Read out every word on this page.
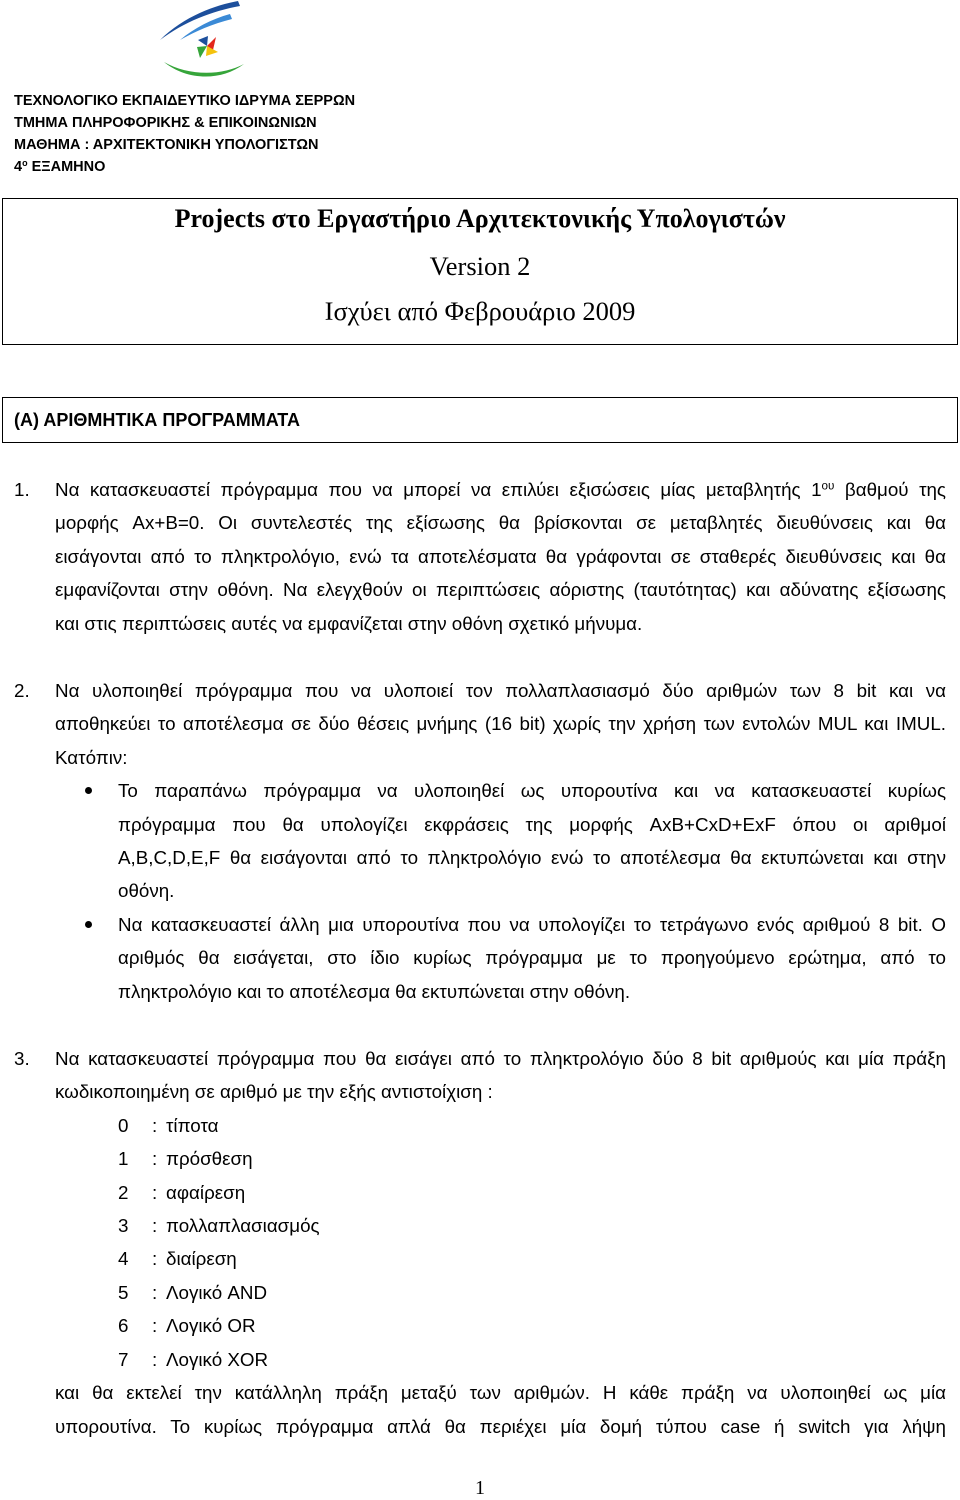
ΤΕΧΝΟΛΟΓΙΚΟ ΕΚΠΑΙΔΕΥΤΙΚΟ ΙΔΡΥΜΑ ΣΕΡΡΩΝ
ΤΜΗΜΑ ΠΛΗΡΟΦΟΡΙΚΗΣ & ΕΠΙΚΟΙΝΩΝΙΩΝ
ΜΑΘΗΜΑ : ΑΡΧΙΤΕΚΤΟΝΙΚΗ ΥΠΟΛΟΓΙΣΤΩΝ
$4^o$ ΕΞΑΜΗΝΟ
Projects στο Εργαστήριο Αρχιτεκτονικής Υπολογιστών
Version 2
Ισχύει από Φεβρουάριο 2009
(Α) ΑΡΙΘΜΗΤΙΚΑ ΠΡΟΓΡΑΜΜΑΤΑ
1. Να κατασκευαστεί πρόγραμμα που να μπορεί να επιλύει εξισώσεις μίας μεταβλητής $1^{o\upsilon}$ βαθμού της
μορφής Ax+B=0. Οι συντελεστές της εξίσωσης θα βρίσκονται σε μεταβλητές διευθύνσεις και θα
εισάγονται από το πληκτρολόγιο, ενώ τα αποτελέσματα θα γράφονται σε σταθερές διευθύνσεις και θα
εμφανίζονται στην οθόνη. Να ελεγχθούν οι περιπτώσεις αόριστης (ταυτότητας) και αδύνατης εξίσωσης
και στις περιπτώσεις αυτές να εμφανίζεται στην οθόνη σχετικό μήνυμα.
2. Να υλοποιηθεί πρόγραμμα που να υλοποιεί τον πολλαπλασιασμό δύο αριθμών των 8 bit και να
αποθηκεύει το αποτέλεσμα σε δύο θέσεις μνήμης (16 bit) χωρίς την χρήση των εντολών MUL και IMUL.
Κατόπιν:
Το παραπάνω πρόγραμμα να υλοποιηθεί ως υπορουτίνα και να κατασκευαστεί κυρίως
πρόγραμμα που θα υπολογίζει εκφράσεις της μορφής AxB+CxD+ExF όπου οι αριθμοί
A,B,C,D,E,F θα εισάγονται από το πληκτρολόγιο ενώ το αποτέλεσμα θα εκτυπώνεται και στην
οθόνη.
Να κατασκευαστεί άλλη μια υπορουτίνα που να υπολογίζει το τετράγωνο ενός αριθμού 8 bit. Ο
αριθμός θα εισάγεται, στο ίδιο κυρίως πρόγραμμα με το προηγούμενο ερώτημα, από το
πληκτρολόγιο και το αποτέλεσμα θα εκτυπώνεται στην οθόνη.
3. Να κατασκευαστεί πρόγραμμα που θα εισάγει από το πληκτρολόγιο δύο 8 bit αριθμούς και μία πράξη
κωδικοποιημένη σε αριθμό με την εξής αντιστοίχιση :
0 : τίποτα
1 : πρόσθεση
2 : αφαίρεση
3 : πολλαπλασιασμός
4 : διαίρεση
5 : Λογικό AND
6 : Λογικό OR
7 : Λογικό XOR
και θα εκτελεί την κατάλληλη πράξη μεταξύ των αριθμών. Η κάθε πράξη να υλοποιηθεί ως μία
υπορουτίνα. Το κυρίως πρόγραμμα απλά θα περιέχει μία δομή τύπου case ή switch για λήψη
1
